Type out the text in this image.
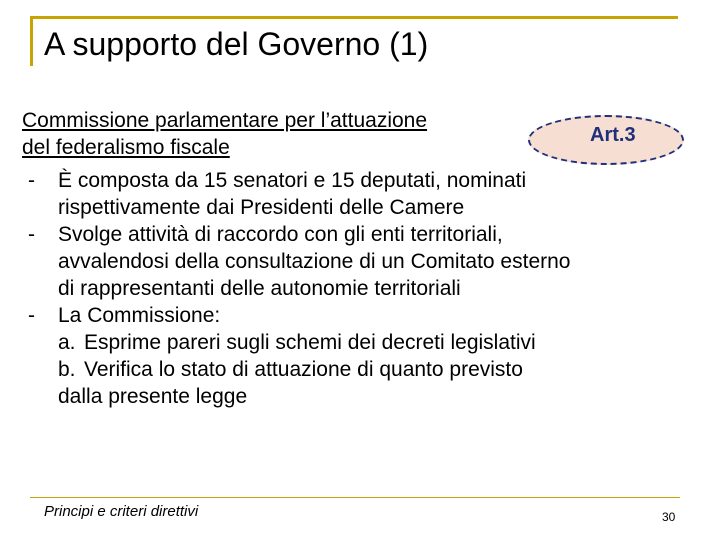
A supporto del Governo (1)
Commissione parlamentare per l’attuazione
del federalismo fiscale
Art.3
- È composta da 15 senatori e 15 deputati, nominati
rispettivamente dai Presidenti delle Camere
- Svolge attività di raccordo con gli enti territoriali,
avvalendosi della consultazione di un Comitato esterno
di rappresentanti delle autonomie territoriali
- La Commissione:
a. Esprime pareri sugli schemi dei decreti legislativi
b. Verifica lo stato di attuazione di quanto previsto
dalla presente legge
Principi e criteri direttivi	30
